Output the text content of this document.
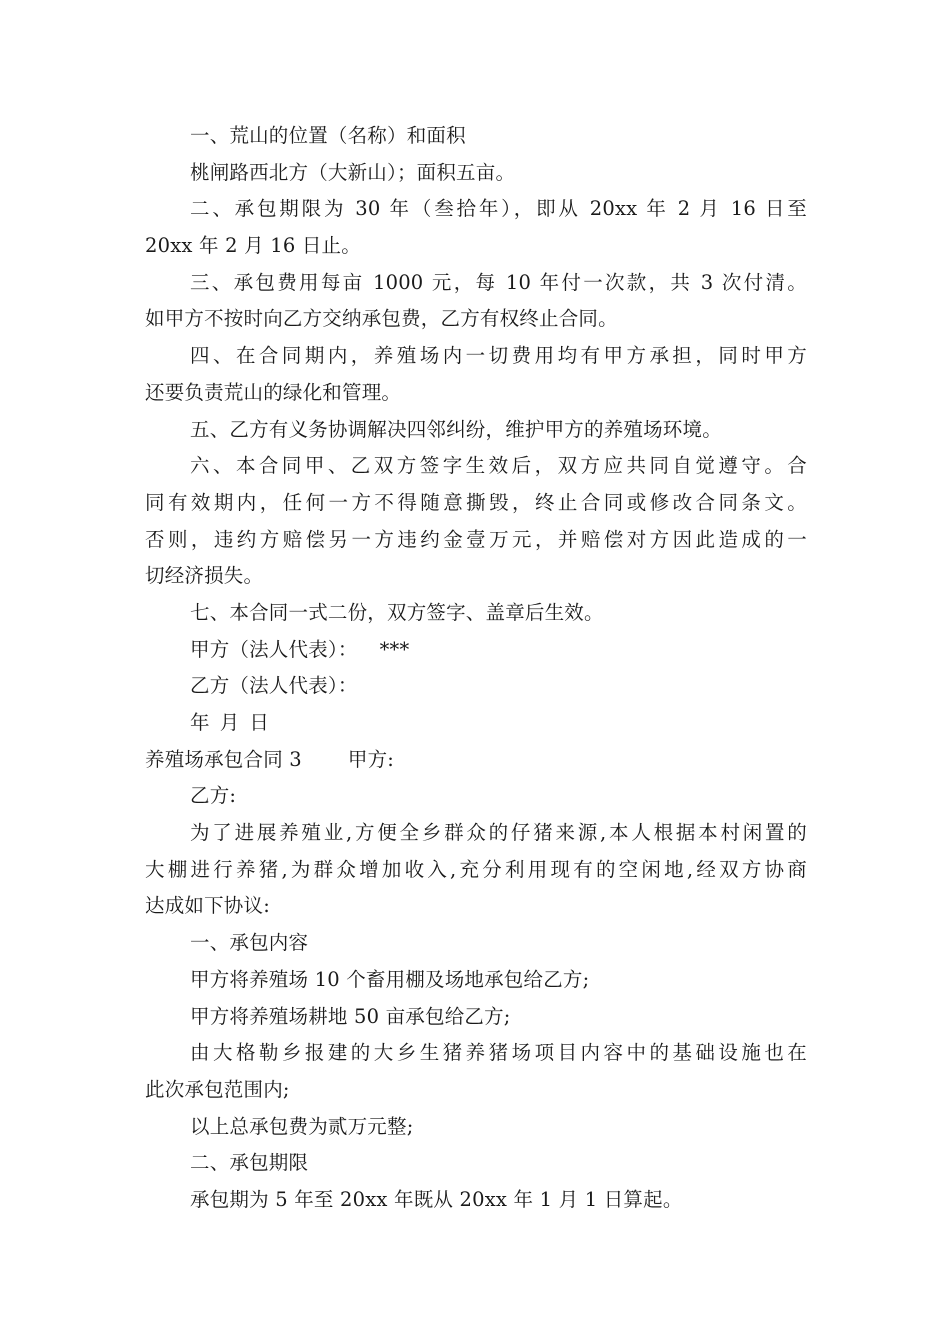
一、荒山的位置（名称）和面积
桃闸路西北方（大新山）；面积五亩。
二、承包期限为 30 年（叁拾年），即从 20xx 年 2 月 16 日至
20xx 年 2 月 16 日止。
三、承包费用每亩 1000 元，每 10 年付一次款，共 3 次付清。
如甲方不按时向乙方交纳承包费，乙方有权终止合同。
四、在合同期内，养殖场内一切费用均有甲方承担，同时甲方
还要负责荒山的绿化和管理。
五、乙方有义务协调解决四邻纠纷，维护甲方的养殖场环境。
六、本合同甲、乙双方签字生效后，双方应共同自觉遵守。合
同有效期内，任何一方不得随意撕毁，终止合同或修改合同条文。
否则，违约方赔偿另一方违约金壹万元，并赔偿对方因此造成的一
切经济损失。
七、本合同一式二份，双方签字、盖章后生效。
甲方（法人代表）： ***
乙方（法人代表）：
年 月 日
养殖场承包合同 3 甲方:
乙方:
为了进展养殖业,方便全乡群众的仔猪来源,本人根据本村闲置的
大棚进行养猪,为群众增加收入,充分利用现有的空闲地,经双方协商
达成如下协议:
一、承包内容
甲方将养殖场 10 个畜用棚及场地承包给乙方;
甲方将养殖场耕地 50 亩承包给乙方;
由大格勒乡报建的大乡生猪养猪场项目内容中的基础设施也在
此次承包范围内;
以上总承包费为贰万元整;
二、承包期限
承包期为 5 年至 20xx 年既从 20xx 年 1 月 1 日算起。
